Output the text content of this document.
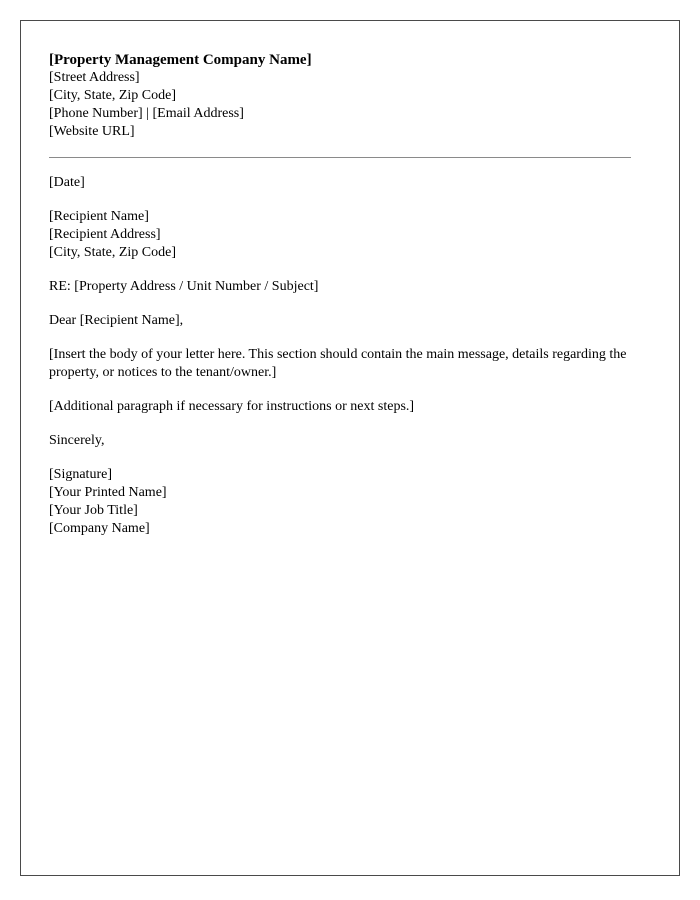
[Property Management Company Name]

[Street Address]

[City, State, Zip Code]

[Phone Number] | [Email Address]

[Website URL]

[Date]

[Recipient Name]

[Recipient Address]

[City, State, Zip Code]

RE: [Property Address / Unit Number / Subject]

Dear [Recipient Name],

[Insert the body of your letter here. This section should contain the main message, details regarding the property, or notices to the tenant/owner.]

[Additional paragraph if necessary for instructions or next steps.]

Sincerely,

[Signature]

[Your Printed Name]

[Your Job Title]

[Company Name]
